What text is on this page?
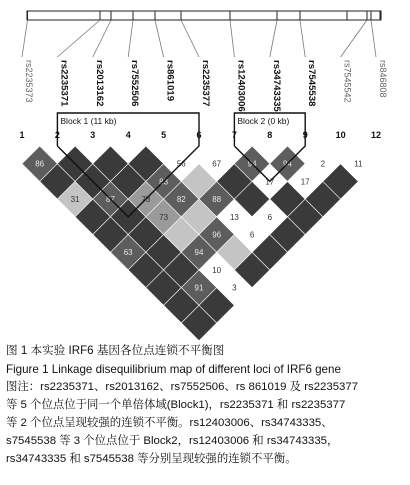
rs2235373	rs2235371	rs2013162	rs7552506	rs861019	rs2235377	rs12403006	rs34743335	rs7545538	rs7545542	rs846808
1	2	3	4	5	6	7	8	9	10	12
86
31
63
87
91
73
73
94
10
3
83
82
96
56
88
13
6
67
6
94
17
94
17
2	11
Block 1 (11 kb)	Block 2 (0 kb)
图 1 本实验 IRF6 基因各位点连锁不平衡图
Figure 1 Linkage disequilibrium map of different loci of IRF6 gene
图注：rs2235371、rs2013162、rs7552506、rs 861019 及 rs2235377
等 5 个位点位于同一个单倍体域(Block1)，rs2235371 和 rs2235377
等 2 个位点呈现较强的连锁不平衡。rs12403006、rs34743335、
s7545538 等 3 个位点位于 Block2，rs12403006 和 rs34743335，
rs34743335 和 s7545538 等分别呈现较强的连锁不平衡。
